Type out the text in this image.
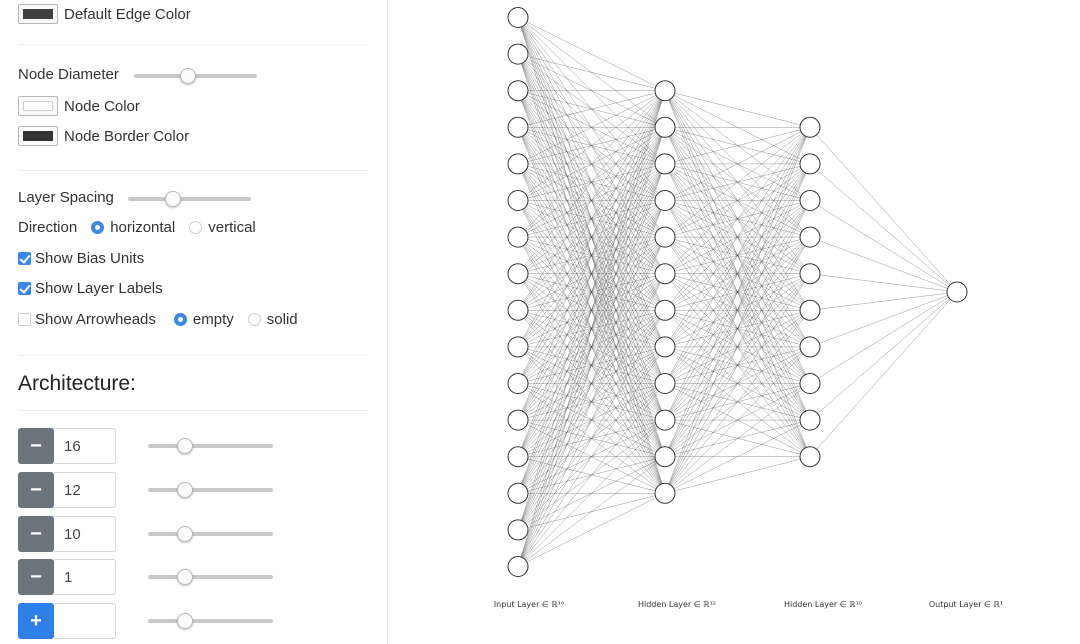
Default Edge Color
Node Diameter
Node Color
Node Border Color
Layer Spacing
Direction horizontal vertical
Show Bias Units
Show Layer Labels
Show Arrowheads empty solid
Architecture:
−	16
−	12
−	10
−	1
+
Input Layer ∈ ℝ¹⁶	Hidden Layer ∈ ℝ¹²	Hidden Layer ∈ ℝ¹⁰	Output Layer ∈ ℝ¹
